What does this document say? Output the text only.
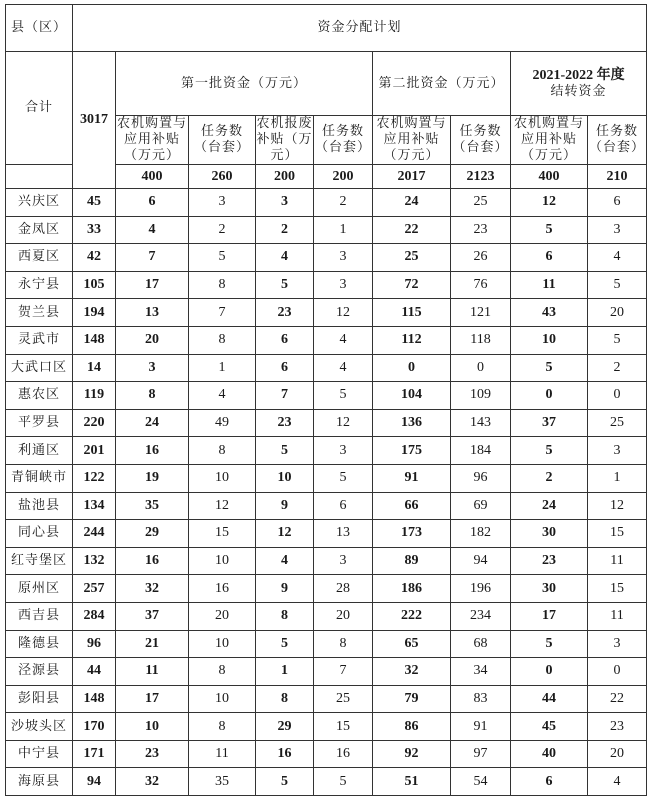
县（区）	资金分配计划								
合计	3017	第一批资金（万元）				第二批资金（万元）		2021-2022 年度
结转资金	

		农机购置与应用补贴（万元）	任务数（台套）	农机报废补贴（万元）	任务数（台套）	农机购置与应用补贴（万元）	任务数（台套）	农机购置与应用补贴（万元）	任务数（台套）
		400	260	200	200	2017	2123	400	210
兴庆区	45	6	3	3	2	24	25	12	6
金凤区	33	4	2	2	1	22	23	5	3
西夏区	42	7	5	4	3	25	26	6	4
永宁县	105	17	8	5	3	72	76	11	5
贺兰县	194	13	7	23	12	115	121	43	20
灵武市	148	20	8	6	4	112	118	10	5
大武口区	14	3	1	6	4	0	0	5	2
惠农区	119	8	4	7	5	104	109	0	0
平罗县	220	24	49	23	12	136	143	37	25
利通区	201	16	8	5	3	175	184	5	3
青铜峡市	122	19	10	10	5	91	96	2	1
盐池县	134	35	12	9	6	66	69	24	12
同心县	244	29	15	12	13	173	182	30	15
红寺堡区	132	16	10	4	3	89	94	23	11
原州区	257	32	16	9	28	186	196	30	15
西吉县	284	37	20	8	20	222	234	17	11
隆德县	96	21	10	5	8	65	68	5	3
泾源县	44	11	8	1	7	32	34	0	0
彭阳县	148	17	10	8	25	79	83	44	22
沙坡头区	170	10	8	29	15	86	91	45	23
中宁县	171	23	11	16	16	92	97	40	20
海原县	94	32	35	5	5	51	54	6	4
